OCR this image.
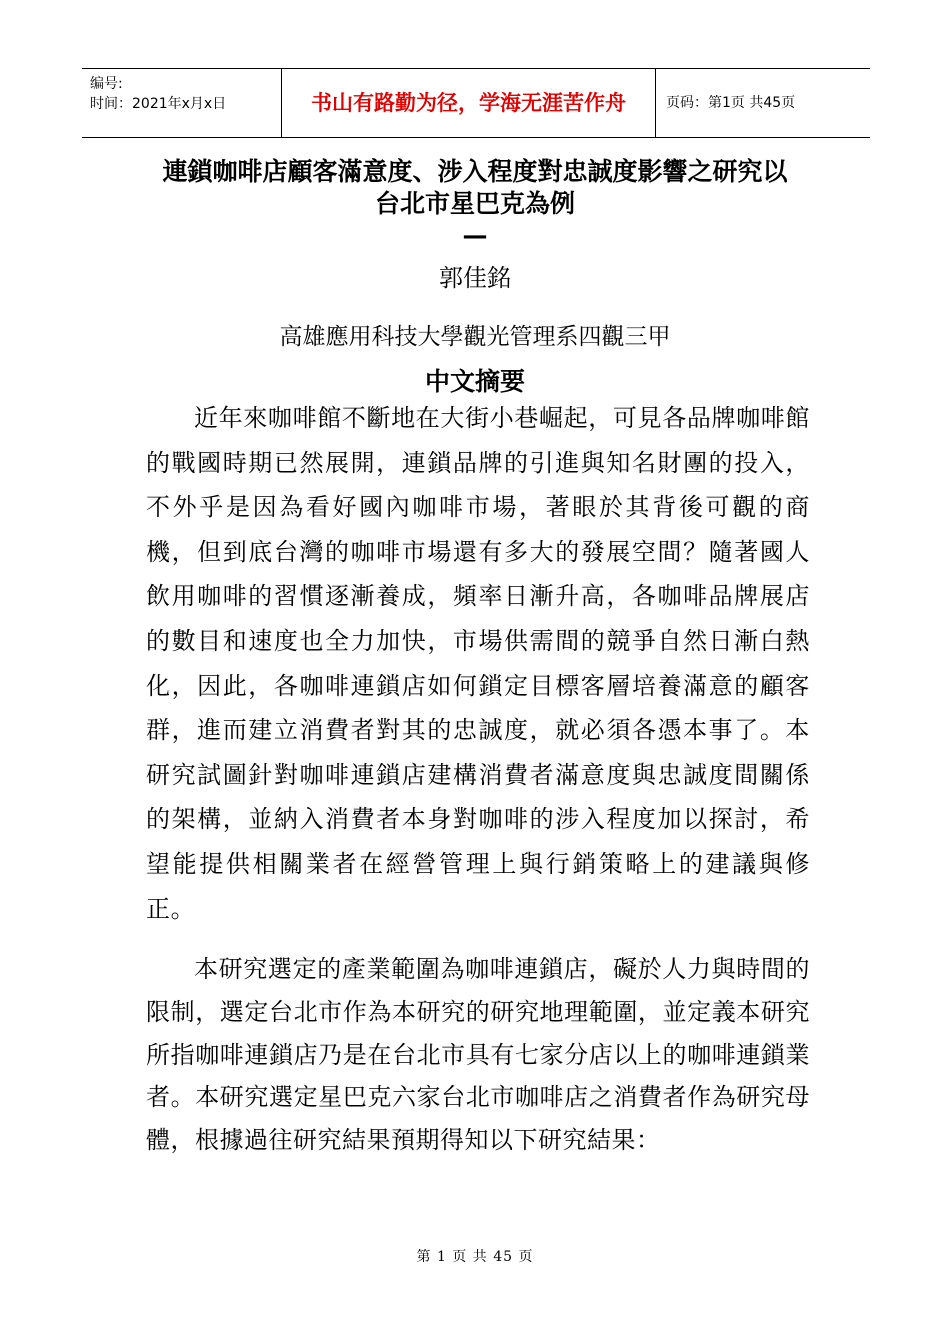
编号:
时间：2021年x月x日	书山有路勤为径，学海无涯苦作舟	页码：第1页 共45页
連鎖咖啡店顧客滿意度、涉入程度對忠誠度影響之研究以
台北市星巴克為例
—
郭佳銘
高雄應用科技大學觀光管理系四觀三甲
中文摘要
近年來咖啡館不斷地在大街小巷崛起，可見各品牌咖啡館的戰國時期已然展開，連鎖品牌的引進與知名財團的投入，不外乎是因為看好國內咖啡市場，著眼於其背後可觀的商機，但到底台灣的咖啡市場還有多大的發展空間？隨著國人飲用咖啡的習慣逐漸養成，頻率日漸升高，各咖啡品牌展店的數目和速度也全力加快，市場供需間的競爭自然日漸白熱化，因此，各咖啡連鎖店如何鎖定目標客層培養滿意的顧客群，進而建立消費者對其的忠誠度，就必須各憑本事了。本研究試圖針對咖啡連鎖店建構消費者滿意度與忠誠度間關係的架構，並納入消費者本身對咖啡的涉入程度加以探討，希望能提供相關業者在經營管理上與行銷策略上的建議與修正。
本研究選定的產業範圍為咖啡連鎖店，礙於人力與時間的限制，選定台北市作為本研究的研究地理範圍，並定義本研究所指咖啡連鎖店乃是在台北市具有七家分店以上的咖啡連鎖業者。本研究選定星巴克六家台北市咖啡店之消費者作為研究母體，根據過往研究結果預期得知以下研究結果：
第 1 页 共 45 页
